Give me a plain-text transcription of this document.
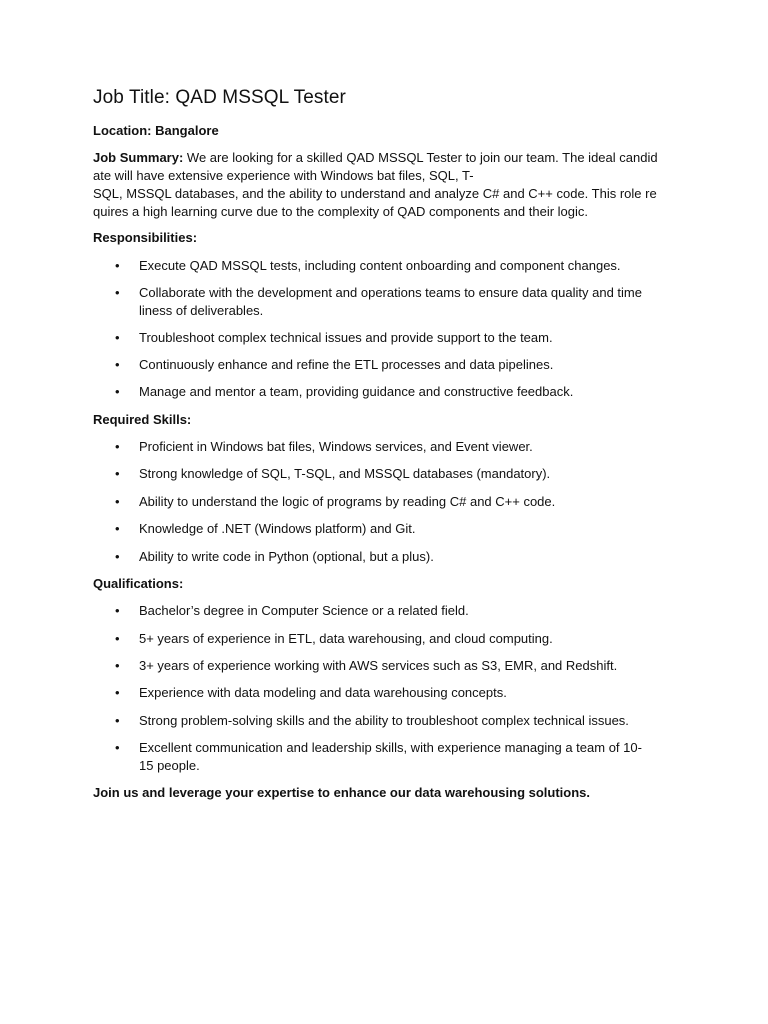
Job Title: QAD MSSQL Tester
Location: Bangalore
Job Summary: We are looking for a skilled QAD MSSQL Tester to join our team. The ideal candid
ate will have extensive experience with Windows bat files, SQL, T-
SQL, MSSQL databases, and the ability to understand and analyze C# and C++ code. This role re
quires a high learning curve due to the complexity of QAD components and their logic.
Responsibilities:
• Execute QAD MSSQL tests, including content onboarding and component changes.
• Collaborate with the development and operations teams to ensure data quality and time
liness of deliverables.
• Troubleshoot complex technical issues and provide support to the team.
• Continuously enhance and refine the ETL processes and data pipelines.
• Manage and mentor a team, providing guidance and constructive feedback.
Required Skills:
• Proficient in Windows bat files, Windows services, and Event viewer.
• Strong knowledge of SQL, T-SQL, and MSSQL databases (mandatory).
• Ability to understand the logic of programs by reading C# and C++ code.
• Knowledge of .NET (Windows platform) and Git.
• Ability to write code in Python (optional, but a plus).
Qualifications:
• Bachelor’s degree in Computer Science or a related field.
• 5+ years of experience in ETL, data warehousing, and cloud computing.
• 3+ years of experience working with AWS services such as S3, EMR, and Redshift.
• Experience with data modeling and data warehousing concepts.
• Strong problem-solving skills and the ability to troubleshoot complex technical issues.
• Excellent communication and leadership skills, with experience managing a team of 10-
15 people.
Join us and leverage your expertise to enhance our data warehousing solutions.
